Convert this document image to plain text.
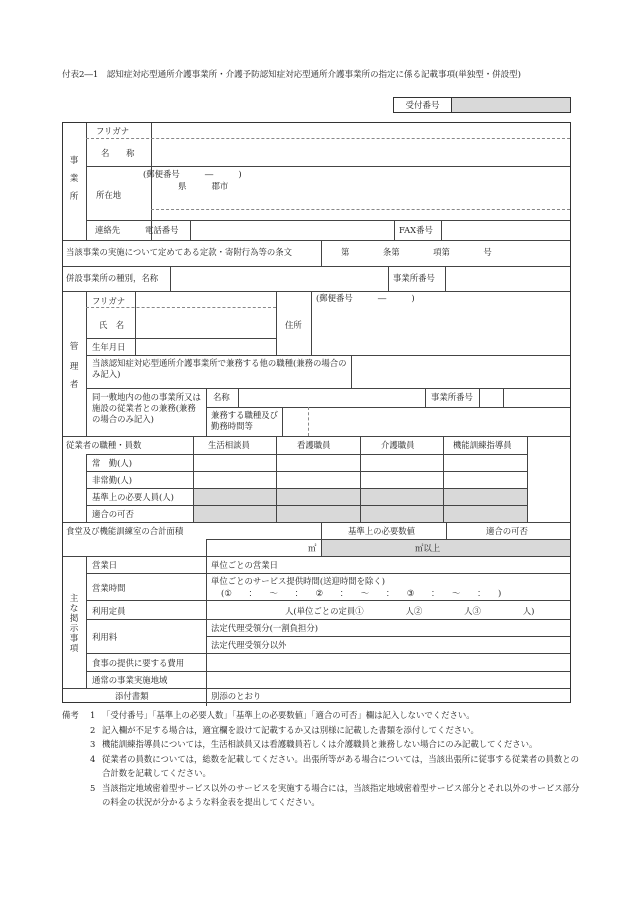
付表2―1　認知症対応型通所介護事業所・介護予防認知症対応型通所介護事業所の指定に係る記載事項(単独型・併設型)
受付番号
事
業
所
フリガナ
名　　称
所在地
(郵便番号　　　―　　　)
県　　　郡市
連絡先	電話番号	FAX番号
当該事業の実施について定めてある定款・寄附行為等の条文	第　　　　条第　　　　項第　　　　号
併設事業所の種別，名称	事業所番号
管
理
者
フリガナ
氏　名
生年月日
住所
(郵便番号　　　―　　　)
当該認知症対応型通所介護事業所で兼務する他の職種(兼務の場合のみ記入)
同一敷地内の他の事業所又は施設の従業者との兼務(兼務の場合のみ記入)
名称	事業所番号
兼務する職種及び勤務時間等
従業者の職種・員数	生活相談員	看護職員	介護職員	機能訓練指導員
常　勤(人)
非常勤(人)
基準上の必要人員(人)
適合の可否
食堂及び機能訓練室の合計面積	基準上の必要数値	適合の可否
㎡	㎡以上
主
な
掲
示
事
項
営業日	単位ごとの営業日
営業時間
単位ごとのサービス提供時間(送迎時間を除く)
(①　　：　　～　　：　　②　　：　　～　　：　　③　　：　　～　　：　　)
利用定員	人(単位ごとの定員①　　　　　人②　　　　　人③　　　　　人)
利用料
法定代理受領分(一割負担分)
法定代理受領分以外
食事の提供に要する費用
通常の事業実施地域
添付書類	別添のとおり
備考	1 「受付番号」「基準上の必要人数」「基準上の必要数値」「適合の可否」欄は記入しないでください。
2 記入欄が不足する場合は，適宜欄を設けて記載するか又は別様に記載した書類を添付してください。
3 機能訓練指導員については，生活相談員又は看護職員若しくは介護職員と兼務しない場合にのみ記載してください。
4 従業者の員数については，総数を記載してください。出張所等がある場合については，当該出張所に従事する従業者の員数との合計数を記載してください。
5 当該指定地域密着型サービス以外のサービスを実施する場合には，当該指定地域密着型サービス部分とそれ以外のサービス部分の料金の状況が分かるような料金表を提出してください。
